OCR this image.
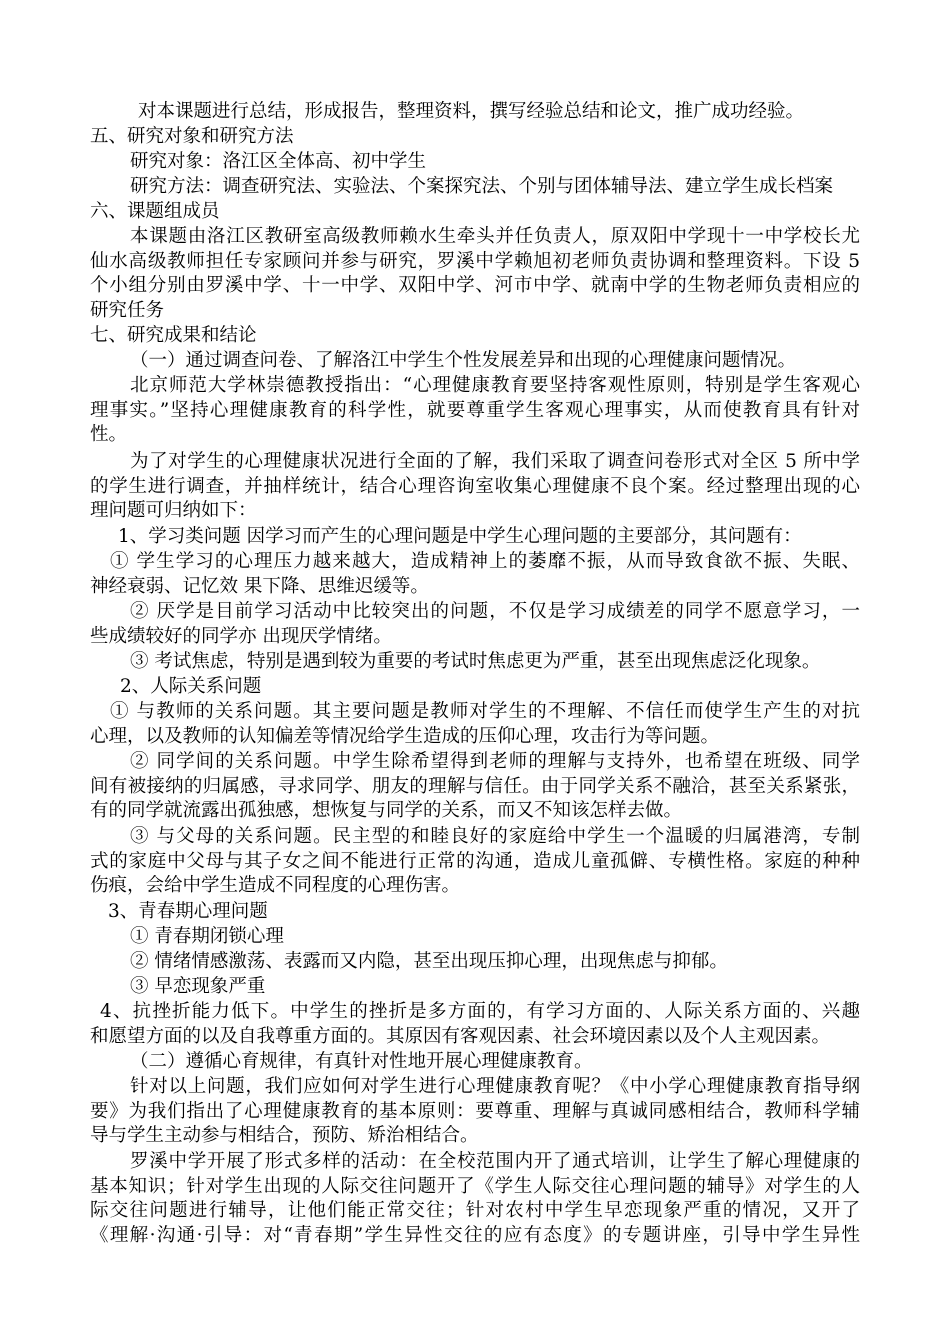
对本课题进行总结，形成报告，整理资料，撰写经验总结和论文，推广成功经验。

五、研究对象和研究方法

研究对象：洛江区全体高、初中学生

研究方法：调查研究法、实验法、个案探究法、个别与团体辅导法、建立学生成长档案

六、课题组成员

本课题由洛江区教研室高级教师赖水生牵头并任负责人，原双阳中学现十一中学校长尤
仙水高级教师担任专家顾问并参与研究，罗溪中学赖旭初老师负责协调和整理资料。下设 5
个小组分别由罗溪中学、十一中学、双阳中学、河市中学、就南中学的生物老师负责相应的
研究任务

七、研究成果和结论

（一）通过调查问卷、了解洛江中学生个性发展差异和出现的心理健康问题情况。

北京师范大学林崇德教授指出：“心理健康教育要坚持客观性原则，特别是学生客观心
理事实。”坚持心理健康教育的科学性，就要尊重学生客观心理事实，从而使教育具有针对
性。
为了对学生的心理健康状况进行全面的了解，我们采取了调查问卷形式对全区 5 所中学
的学生进行调查，并抽样统计，结合心理咨询室收集心理健康不良个案。经过整理出现的心
理问题可归纳如下：

1、学习类问题 因学习而产生的心理问题是中学生心理问题的主要部分，其问题有：

① 学生学习的心理压力越来越大，造成精神上的萎靡不振，从而导致食欲不振、失眠、
神经衰弱、记忆效 果下降、思维迟缓等。
② 厌学是目前学习活动中比较突出的问题，不仅是学习成绩差的同学不愿意学习，一
些成绩较好的同学亦 出现厌学情绪。

③ 考试焦虑，特别是遇到较为重要的考试时焦虑更为严重，甚至出现焦虑泛化现象。

2、人际关系问题

① 与教师的关系问题。其主要问题是教师对学生的不理解、不信任而使学生产生的对抗
心理，以及教师的认知偏差等情况给学生造成的压仰心理，攻击行为等问题。
② 同学间的关系问题。中学生除希望得到老师的理解与支持外，也希望在班级、同学
间有被接纳的归属感，寻求同学、朋友的理解与信任。由于同学关系不融洽，甚至关系紧张，
有的同学就流露出孤独感，想恢复与同学的关系，而又不知该怎样去做。
③ 与父母的关系问题。民主型的和睦良好的家庭给中学生一个温暖的归属港湾，专制
式的家庭中父母与其子女之间不能进行正常的沟通，造成儿童孤僻、专横性格。家庭的种种
伤痕，会给中学生造成不同程度的心理伤害。

3、青春期心理问题

① 青春期闭锁心理

② 情绪情感激荡、表露而又内隐，甚至出现压抑心理，出现焦虑与抑郁。

③ 早恋现象严重

4、抗挫折能力低下。中学生的挫折是多方面的，有学习方面的、人际关系方面的、兴趣
和愿望方面的以及自我尊重方面的。其原因有客观因素、社会环境因素以及个人主观因素。

（二）遵循心育规律，有真针对性地开展心理健康教育。

针对以上问题，我们应如何对学生进行心理健康教育呢？《中小学心理健康教育指导纲
要》为我们指出了心理健康教育的基本原则：要尊重、理解与真诚同感相结合，教师科学辅
导与学生主动参与相结合，预防、矫治相结合。
罗溪中学开展了形式多样的活动：在全校范围内开了通式培训，让学生了解心理健康的
基本知识；针对学生出现的人际交往问题开了《学生人际交往心理问题的辅导》对学生的人
际交往问题进行辅导，让他们能正常交往；针对农村中学生早恋现象严重的情况，又开了
《理解·沟通·引导：对“青春期”学生异性交往的应有态度》的专题讲座，引导中学生异性
